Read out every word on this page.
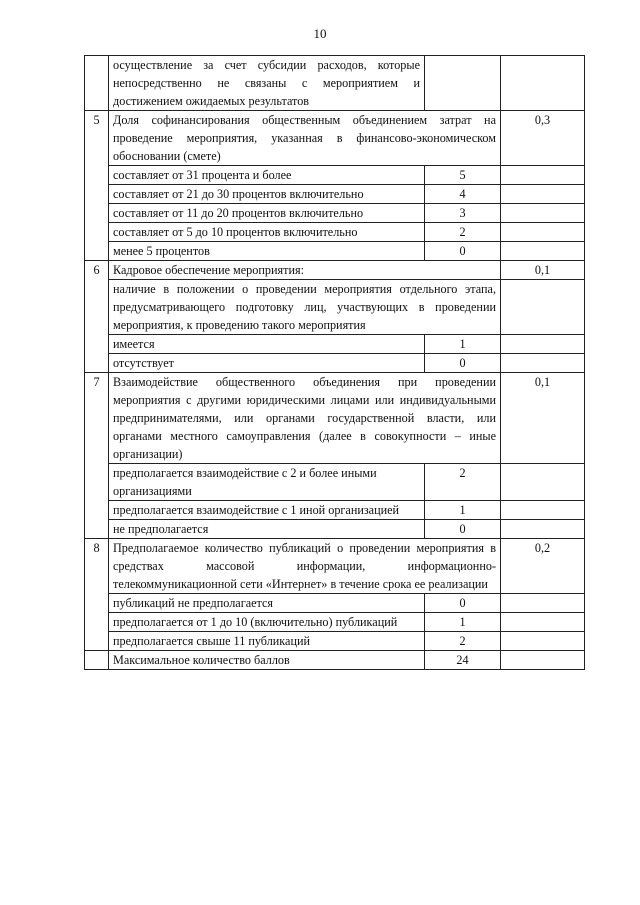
10
	осуществление за счет субсидии расходов, которые непосредственно не связаны с мероприятием и достижением ожидаемых результатов		
5	Доля софинансирования общественным объединением затрат на проведение мероприятия, указанная в финансово-экономическом обосновании (смете)		0,3
	составляет от 31 процента и более	5	
	составляет от 21 до 30 процентов включительно	4	
	составляет от 11 до 20 процентов включительно	3	
	составляет от 5 до 10 процентов включительно	2	
	менее 5 процентов	0	
6	Кадровое обеспечение мероприятия:		0,1
	наличие в положении о проведении мероприятия отдельного этапа, предусматривающего подготовку лиц, участвующих в проведении мероприятия, к проведению такого мероприятия		
	имеется	1	
	отсутствует	0	
7	Взаимодействие общественного объединения при проведении мероприятия с другими юридическими лицами или индивидуальными предпринимателями, или органами государственной власти, или органами местного самоуправления (далее в совокупности – иные организации)		0,1
	предполагается взаимодействие с 2 и более иными организациями	2	
	предполагается взаимодействие с 1 иной организацией	1	
	не предполагается	0	
8	Предполагаемое количество публикаций о проведении мероприятия в средствах массовой информации, информационно-телекоммуникационной сети «Интернет» в течение срока ее реализации		0,2
	публикаций не предполагается	0	
	предполагается от 1 до 10 (включительно) публикаций	1	
	предполагается свыше 11 публикаций	2	
	Максимальное количество баллов	24	
